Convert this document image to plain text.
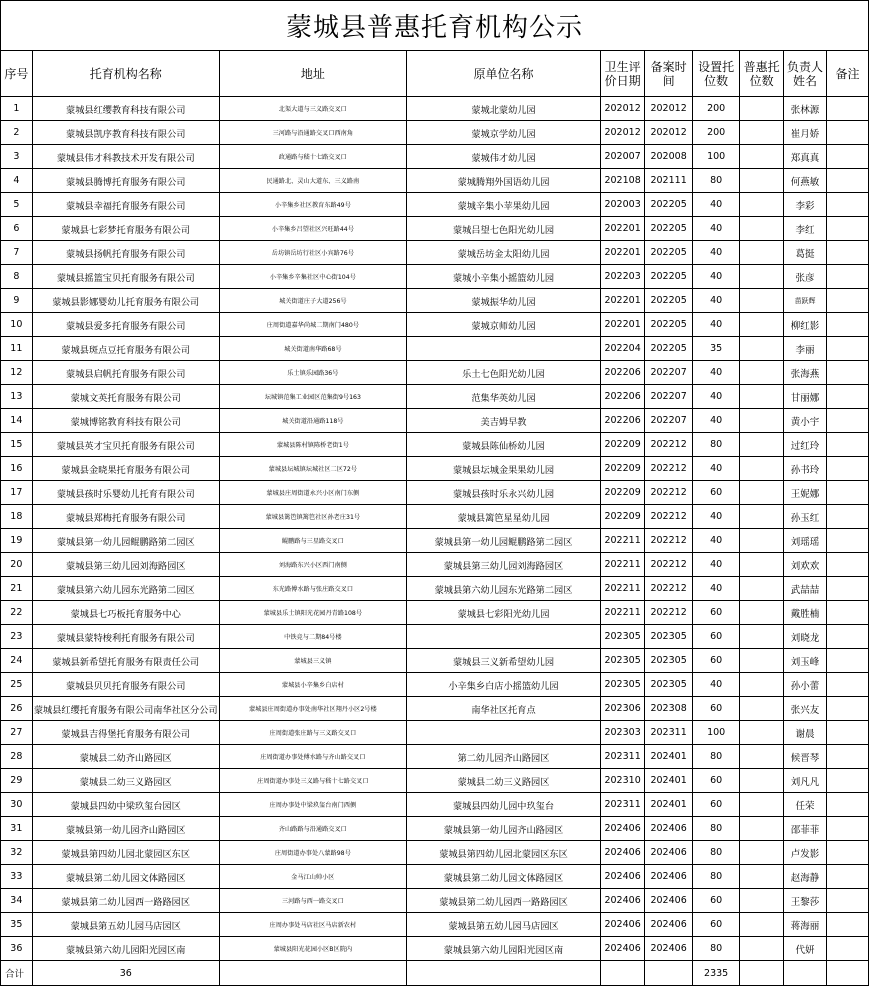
蒙城县普惠托育机构公示
序号	托育机构名称	地址	原单位名称	卫生评价日期	备案时间	设置托位数	普惠托位数	负责人姓名	备注
1	蒙城县红缨教育科技有限公司	北渠大道与三义路交叉口	蒙城北蒙幼儿园	202012	202012	200		张林源	
2	蒙城县凯序教育科技有限公司	三河路与沿通路交叉口西南角	蒙城京学幼儿园	202012	202012	200		崔月娇	
3	蒙城县伟才科教技术开发有限公司	政通路与嵇十七路交叉口	蒙城伟才幼儿园	202007	202008	100		郑真真	
4	蒙城县腾博托育服务有限公司	民通路北、灵山大道东、三义路南	蒙城腾翔外国语幼儿园	202108	202111	80		何燕敏	
5	蒙城县幸福托育服务有限公司	小辛集乡社区教育东路49号	蒙城辛集小苹果幼儿园	202003	202205	40		李彩	
6	蒙城县七彩梦托育服务有限公司	小辛集乡吕望社区兴旺路44号	蒙城吕望七色阳光幼儿园	202201	202205	40		李红	
7	蒙城县扬帆托育服务有限公司	岳坊镇岳坊行社区小宾路76号	蒙城岳坊金太阳幼儿园	202201	202205	40		葛挺	
8	蒙城县摇篮宝贝托育服务有限公司	小辛集乡辛集社区中心街104号	蒙城小辛集小摇篮幼儿园	202203	202205	40		张彦	
9	蒙城县影娜婴幼儿托育服务有限公司	城关街道庄子大道256号	蒙城振华幼儿园	202201	202205	40		苗跃辉	
10	蒙城县爱多托育服务有限公司	庄周街道嘉华尚城二期南门480号	蒙城京师幼儿园	202201	202205	40		柳红影	
11	蒙城县斑点豆托育服务有限公司	城关街道南华路68号		202204	202205	35		李丽	
12	蒙城县启帆托育服务有限公司	乐土镇乐园路36号	乐土七色阳光幼儿园	202206	202207	40		张海燕	
13	蒙城文英托育服务有限公司	坛城镇范集工业园区范集街9号163	范集华英幼儿园	202206	202207	40		甘丽娜	
14	蒙城博铭教育科技有限公司	城关街道沿通路118号	美吉姆早教	202206	202207	40		黄小宇	
15	蒙城县英才宝贝托育服务有限公司	蒙城县陈村镇陈桥老街1号	蒙城县陈仙桥幼儿园	202209	202212	80		过红玲	
16	蒙城县金晓果托育服务有限公司	蒙城县坛城镇坛城社区二区72号	蒙城县坛城金果果幼儿园	202209	202212	40		孙书玲	
17	蒙城县孩时乐婴幼儿托育有限公司	蒙城县庄周街道永兴小区南门东侧	蒙城县孩时乐永兴幼儿园	202209	202212	60		王妮娜	
18	蒙城县郑梅托育服务有限公司	蒙城县篱笆镇篱笆社区孙老庄31号	蒙城县篱笆星星幼儿园	202209	202212	40		孙玉红	
19	蒙城县第一幼儿园鲲鹏路第二园区	鲲鹏路与三星路交叉口	蒙城县第一幼儿园鲲鹏路第二园区	202211	202212	40		刘瑶瑶	
20	蒙城县第三幼儿园刘海路园区	刘海路东兴小区西门南侧	蒙城县第三幼儿园刘海路园区	202211	202212	40		刘欢欢	
21	蒙城县第六幼儿园东光路第二园区	东光路傅水路与张庄路交叉口	蒙城县第六幼儿园东光路第二园区	202211	202212	40		武喆喆	
22	蒙城县七巧板托育服务中心	蒙城县乐土镇阳光花园丹青路108号	蒙城县七彩阳光幼儿园	202211	202212	60		戴胜楠	
23	蒙城县蒙特梭利托育服务有限公司	中铁竞与二期84号楼		202305	202305	60		刘晓龙	
24	蒙城县新希望托育服务有限责任公司	蒙城县三义镇	蒙城县三义新希望幼儿园	202305	202305	60		刘玉峰	
25	蒙城县贝贝托育服务有限公司	蒙城县小辛集乡白店村	小辛集乡白店小摇篮幼儿园	202305	202305	40		孙小蕾	
26	蒙城县红缨托育服务有限公司南华社区分公司	蒙城县庄周街道办事处南华社区翔丹小区2号楼	南华社区托育点	202306	202308	60		张兴友	
27	蒙城县吉得堡托育服务有限公司	庄周街道张庄路与三义路交叉口		202303	202311	100		谢晨	
28	蒙城县二幼齐山路园区	庄周街道办事处傅水路与齐山路交叉口	第二幼儿园齐山路园区	202311	202401	80		候晋琴	
29	蒙城县二幼三义路园区	庄周街道办事处三义路与嵇十七路交叉口	蒙城县二幼三义路园区	202310	202401	60		刘凡凡	
30	蒙城县四幼中梁玖玺台园区	庄周办事处中梁玖玺台南门西侧	蒙城县四幼儿园中玖玺台	202311	202401	60		任荣	
31	蒙城县第一幼儿园齐山路园区	齐山路路与沿通路交叉口	蒙城县第一幼儿园齐山路园区	202406	202406	80		邵菲菲	
32	蒙城县第四幼儿园北蒙园区东区	庄周街道办事处八蒙路98号	蒙城县第四幼儿园北蒙园区东区	202406	202406	80		卢发影	
33	蒙城县第二幼儿园文体路园区	金马江山帅小区	蒙城县第二幼儿园文体路园区	202406	202406	80		赵海静	
34	蒙城县第二幼儿园西一路路园区	三河路与西一路交叉口	蒙城县第二幼儿园西一路路园区	202406	202406	60		王黎莎	
35	蒙城县第五幼儿园马店园区	庄周办事处马店社区马店新农村	蒙城县第五幼儿园马店园区	202406	202406	60		蒋海丽	
36	蒙城县第六幼儿园阳光园区南	蒙城县阳光花园小区B区院内	蒙城县第六幼儿园阳光园区南	202406	202406	80		代妍	
合计	36					2335			
